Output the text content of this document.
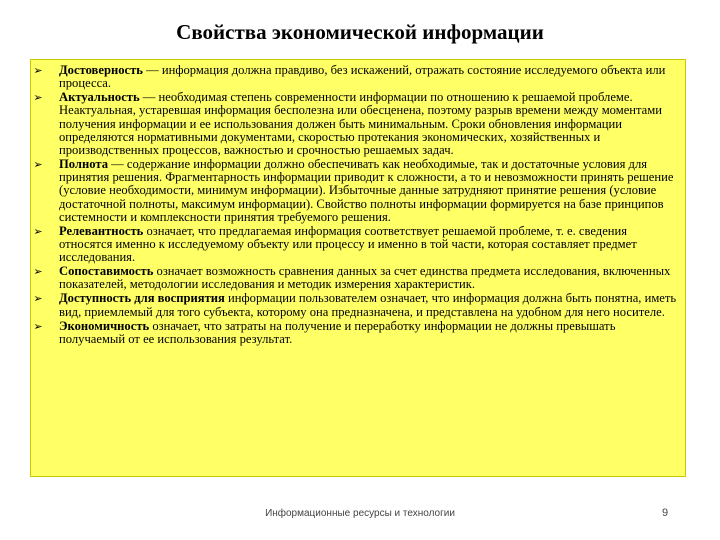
Свойства экономической информации
➢ Достоверность — информация должна правдиво, без искажений, отражать состояние исследуемого объекта или процесса.
➢ Актуальность — необходимая степень современности информации по отношению к решаемой проблеме. Неактуальная, устаревшая информация бесполезна или обесценена, поэтому разрыв времени между моментами получения информации и ее использования должен быть минимальным. Сроки обновления информации определяются нормативными документами, скоростью протекания экономических, хозяйственных и производственных процессов, важностью и срочностью решаемых задач.
➢ Полнота — содержание информации должно обеспечивать как необходимые, так и достаточные условия для принятия решения. Фрагментарность информации приводит к сложности, а то и невозможности принять решение (условие необходимости, минимум информации). Избыточные данные затрудняют принятие решения (условие достаточной полноты, максимум информации). Свойство полноты информации формируется на базе принципов системности и комплексности принятия требуемого решения.
➢ Релевантность означает, что предлагаемая информация соответствует решаемой проблеме, т. е. сведения относятся именно к исследуемому объекту или процессу и именно в той части, которая составляет предмет исследования.
➢ Сопоставимость означает возможность сравнения данных за счет единства предмета исследования, включенных показателей, методологии исследования и методик измерения характеристик.
➢ Доступность для восприятия информации пользователем означает, что информация должна быть понятна, иметь вид, приемлемый для того субъекта, которому она предназначена, и представлена на удобном для него носителе.
➢ Экономичность означает, что затраты на получение и переработку информации не должны превышать получаемый от ее использования результат.
Информационные ресурсы и технологии	9
